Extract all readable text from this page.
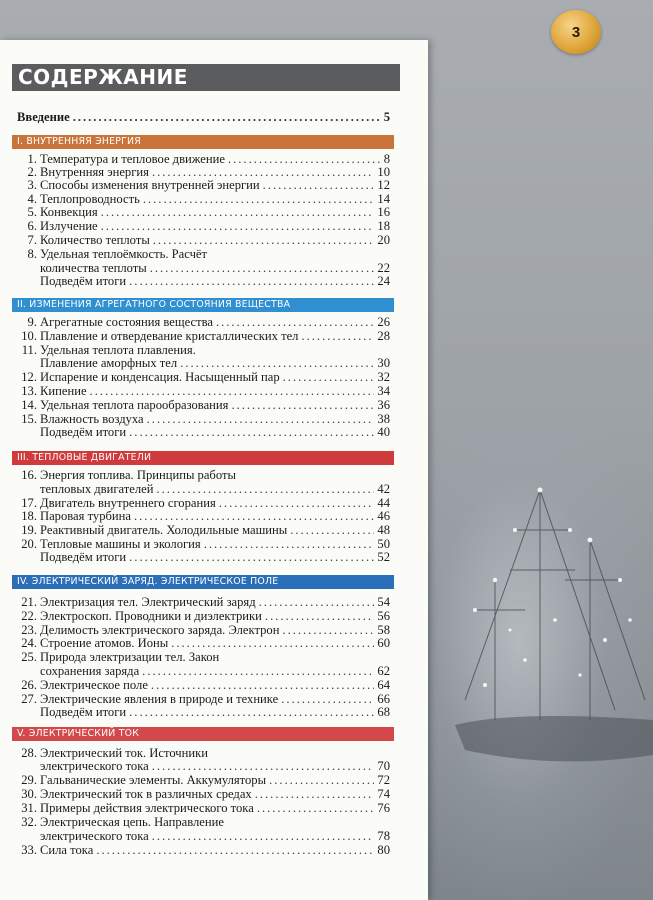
3
СОДЕРЖАНИЕ
Введение .....	5
I. ВНУТРЕННЯЯ ЭНЕРГИЯ
1. Температура и тепловое движение .....	8
2. Внутренняя энергия .....	10
3. Способы изменения внутренней энергии .....	12
4. Теплопроводность .....	14
5. Конвекция .....	16
6. Излучение .....	18
7. Количество теплоты .....	20
8. Удельная теплоёмкость. Расчёт
количества теплоты .....	22
Подведём итоги .....	24
II. ИЗМЕНЕНИЯ АГРЕГАТНОГО СОСТОЯНИЯ ВЕЩЕСТВА
9. Агрегатные состояния вещества .....	26
10. Плавление и отвердевание кристаллических тел .....	28
11. Удельная теплота плавления.
Плавление аморфных тел .....	30
12. Испарение и конденсация. Насыщенный пар .....	32
13. Кипение .....	34
14. Удельная теплота парообразования .....	36
15. Влажность воздуха .....	38
Подведём итоги .....	40
III. ТЕПЛОВЫЕ ДВИГАТЕЛИ
16. Энергия топлива. Принципы работы
тепловых двигателей .....	42
17. Двигатель внутреннего сгорания .....	44
18. Паровая турбина .....	46
19. Реактивный двигатель. Холодильные машины .....	48
20. Тепловые машины и экология .....	50
Подведём итоги .....	52
IV. ЭЛЕКТРИЧЕСКИЙ ЗАРЯД. ЭЛЕКТРИЧЕСКОЕ ПОЛЕ
21. Электризация тел. Электрический заряд .....	54
22. Электроскоп. Проводники и диэлектрики .....	56
23. Делимость электрического заряда. Электрон .....	58
24. Строение атомов. Ионы .....	60
25. Природа электризации тел. Закон
сохранения заряда .....	62
26. Электрическое поле .....	64
27. Электрические явления в природе и технике .....	66
Подведём итоги .....	68
V. ЭЛЕКТРИЧЕСКИЙ ТОК
28. Электрический ток. Источники
электрического тока .....	70
29. Гальванические элементы. Аккумуляторы .....	72
30. Электрический ток в различных средах .....	74
31. Примеры действия электрического тока .....	76
32. Электрическая цепь. Направление
электрического тока .....	78
33. Сила тока .....	80
